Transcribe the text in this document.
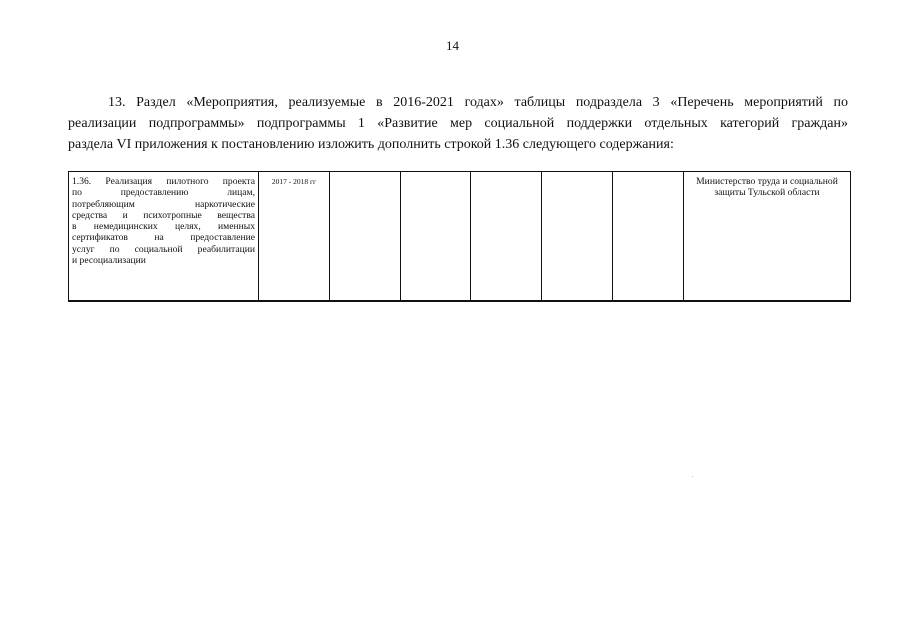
14
13. Раздел «Мероприятия, реализуемые в 2016-2021 годах» таблицы подраздела 3 «Перечень мероприятий по
реализации подпрограммы» подпрограммы 1 «Развитие мер социальной поддержки отдельных категорий граждан»
раздела VI приложения к постановлению изложить дополнить строкой 1.36 следующего содержания:
1.36. Реализация пилотного проекта
по предоставлению лицам,
потребляющим наркотические
средства и психотропные вещества
в немедицинских целях, именных
сертификатов на предоставление
услуг по социальной реабилитации
и ресоциализации
	2017 - 2018 гг						Министерство труда и социальной защиты Тульской области
